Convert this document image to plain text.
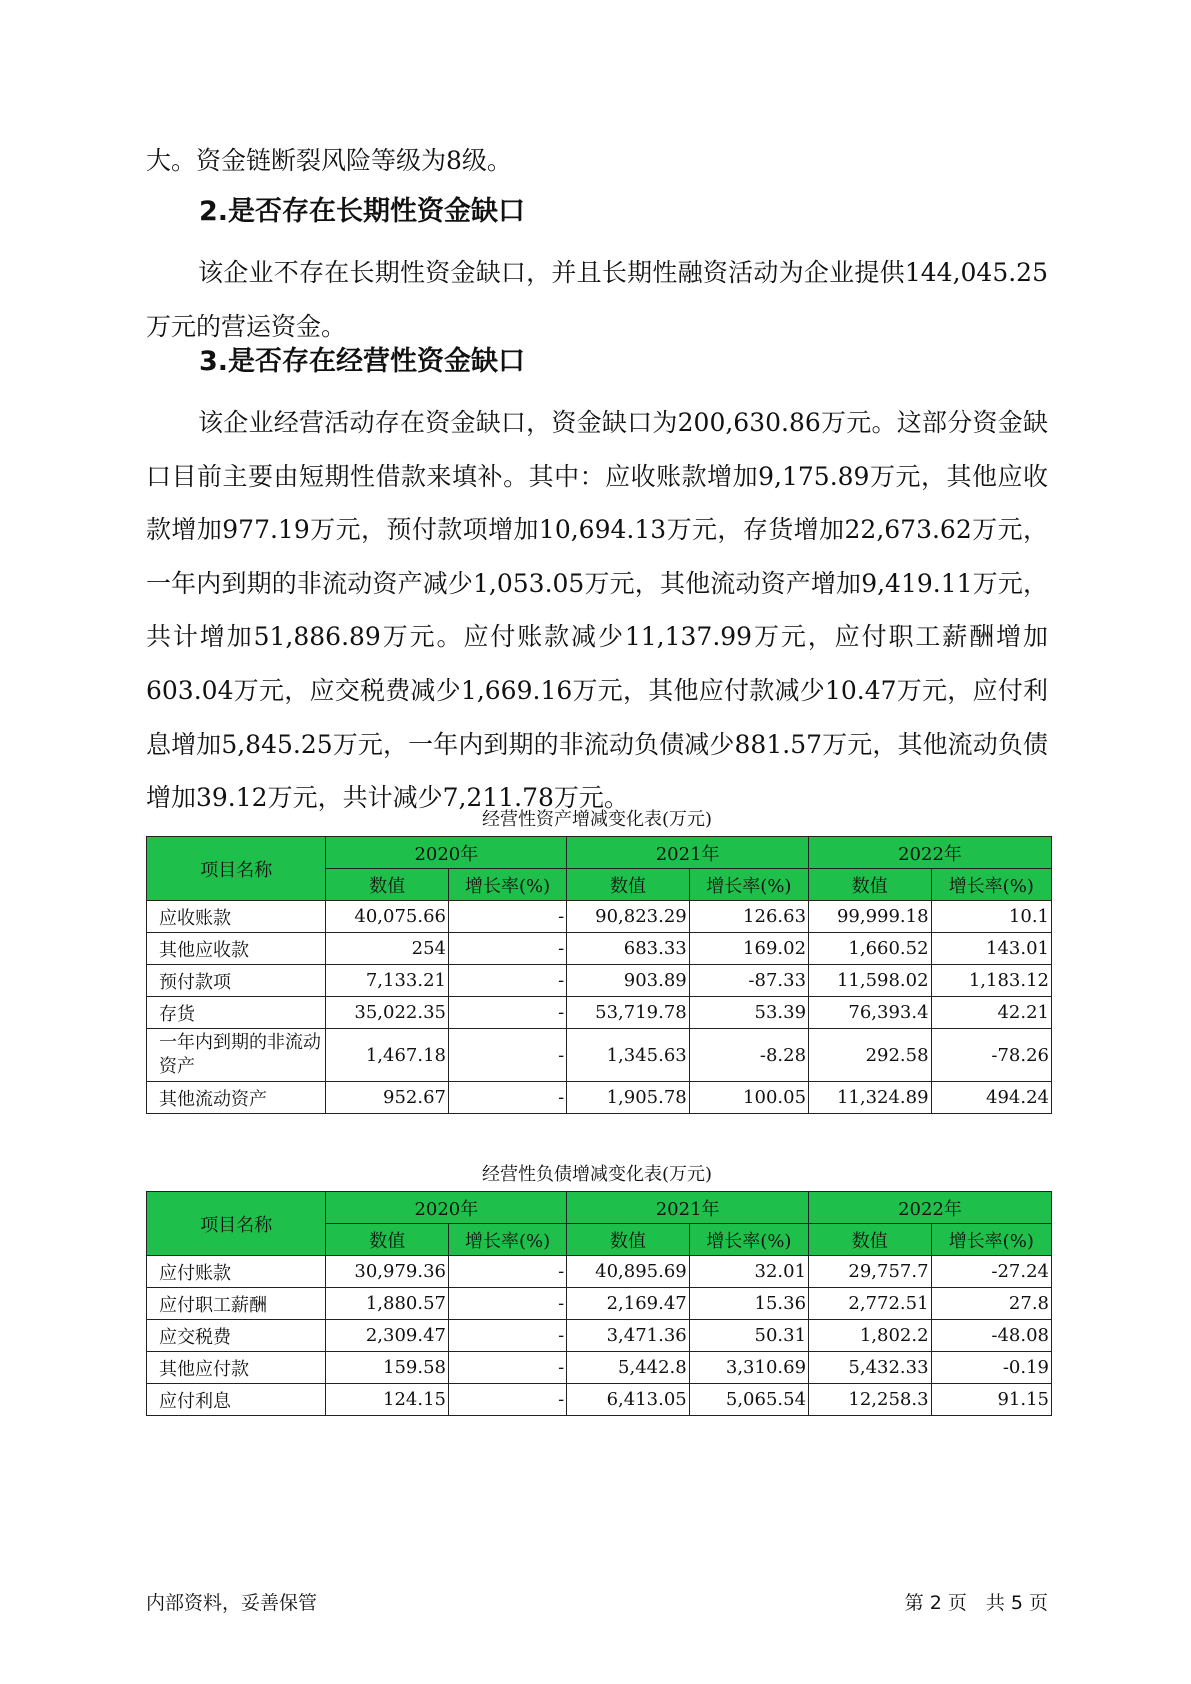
大。资金链断裂风险等级为8级。

2.是否存在长期性资金缺口

该企业不存在长期性资金缺口，并且长期性融资活动为企业提供144,045.25万元的营运资金。

3.是否存在经营性资金缺口

该企业经营活动存在资金缺口，资金缺口为200,630.86万元。这部分资金缺口目前主要由短期性借款来填补。其中：应收账款增加9,175.89万元，其他应收款增加977.19万元，预付款项增加10,694.13万元，存货增加22,673.62万元，一年内到期的非流动资产减少1,053.05万元，其他流动资产增加9,419.11万元，共计增加51,886.89万元。应付账款减少11,137.99万元，应付职工薪酬增加603.04万元，应交税费减少1,669.16万元，其他应付款减少10.47万元，应付利息增加5,845.25万元，一年内到期的非流动负债减少881.57万元，其他流动负债增加39.12万元，共计减少7,211.78万元。

经营性资产增减变化表(万元)

项目名称	2020年		2021年		2022年	
	数值	增长率(%)	数值	增长率(%)	数值	增长率(%)
应收账款	40,075.66	-	90,823.29	126.63	99,999.18	10.1
其他应收款	254	-	683.33	169.02	1,660.52	143.01
预付款项	7,133.21	-	903.89	-87.33	11,598.02	1,183.12
存货	35,022.35	-	53,719.78	53.39	76,393.4	42.21
一年内到期的非流动资产	1,467.18	-	1,345.63	-8.28	292.58	-78.26
其他流动资产	952.67	-	1,905.78	100.05	11,324.89	494.24

经营性负债增减变化表(万元)

项目名称	2020年		2021年		2022年	
	数值	增长率(%)	数值	增长率(%)	数值	增长率(%)
应付账款	30,979.36	-	40,895.69	32.01	29,757.7	-27.24
应付职工薪酬	1,880.57	-	2,169.47	15.36	2,772.51	27.8
应交税费	2,309.47	-	3,471.36	50.31	1,802.2	-48.08
其他应付款	159.58	-	5,442.8	3,310.69	5,432.33	-0.19
应付利息	124.15	-	6,413.05	5,065.54	12,258.3	91.15
内部资料，妥善保管	第 2 页　共 5 页
